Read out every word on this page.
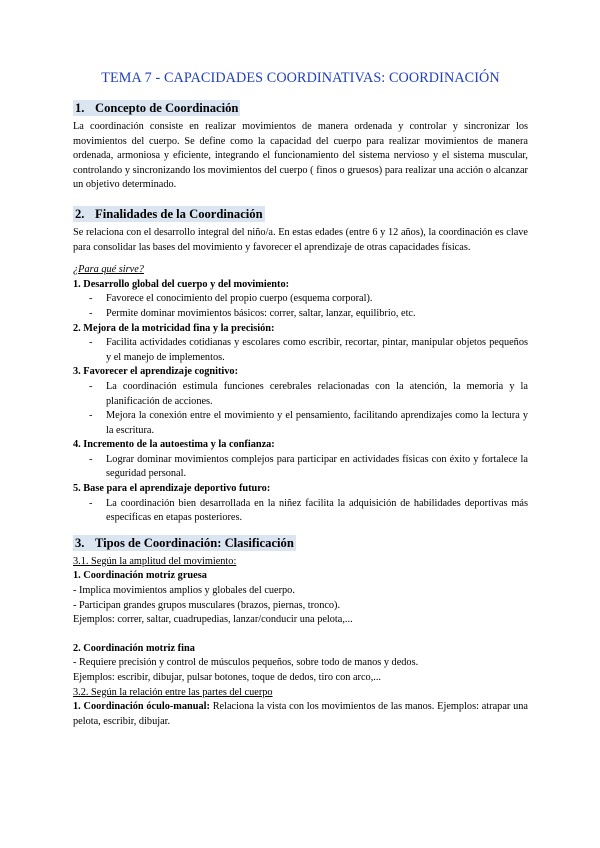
TEMA 7 - CAPACIDADES COORDINATIVAS: COORDINACIÓN
1. Concepto de Coordinación

La coordinación consiste en realizar movimientos de manera ordenada y controlar y sincronizar los movimientos del cuerpo. Se define como la capacidad del cuerpo para realizar movimientos de manera ordenada, armoniosa y eficiente, integrando el funcionamiento del sistema nervioso y el sistema muscular, controlando y sincronizando los movimientos del cuerpo ( finos o gruesos) para realizar una acción o alcanzar un objetivo determinado.

2. Finalidades de la Coordinación

Se relaciona con el desarrollo integral del niño/a. En estas edades (entre 6 y 12 años), la coordinación es clave para consolidar las bases del movimiento y favorecer el aprendizaje de otras capacidades físicas.

¿Para qué sirve?

1. Desarrollo global del cuerpo y del movimiento:

- Favorece el conocimiento del propio cuerpo (esquema corporal).
- Permite dominar movimientos básicos: correr, saltar, lanzar, equilibrio, etc.

2. Mejora de la motricidad fina y la precisión:

- Facilita actividades cotidianas y escolares como escribir, recortar, pintar, manipular objetos pequeños y el manejo de implementos.

3. Favorecer el aprendizaje cognitivo:

- La coordinación estimula funciones cerebrales relacionadas con la atención, la memoria y la planificación de acciones.
- Mejora la conexión entre el movimiento y el pensamiento, facilitando aprendizajes como la lectura y la escritura.

4. Incremento de la autoestima y la confianza:

- Lograr dominar movimientos complejos para participar en actividades físicas con éxito y fortalece la seguridad personal.

5. Base para el aprendizaje deportivo futuro:

- La coordinación bien desarrollada en la niñez facilita la adquisición de habilidades deportivas más específicas en etapas posteriores.
3. Tipos de Coordinación: Clasificación

3.1. Según la amplitud del movimiento:

1. Coordinación motriz gruesa

- Implica movimientos amplios y globales del cuerpo.

- Participan grandes grupos musculares (brazos, piernas, tronco).

Ejemplos: correr, saltar, cuadrupedias, lanzar/conducir una pelota,...

2. Coordinación motriz fina

- Requiere precisión y control de músculos pequeños, sobre todo de manos y dedos.

Ejemplos: escribir, dibujar, pulsar botones, toque de dedos, tiro con arco,...

3.2. Según la relación entre las partes del cuerpo

1. Coordinación óculo-manual: Relaciona la vista con los movimientos de las manos. Ejemplos: atrapar una pelota, escribir, dibujar.
